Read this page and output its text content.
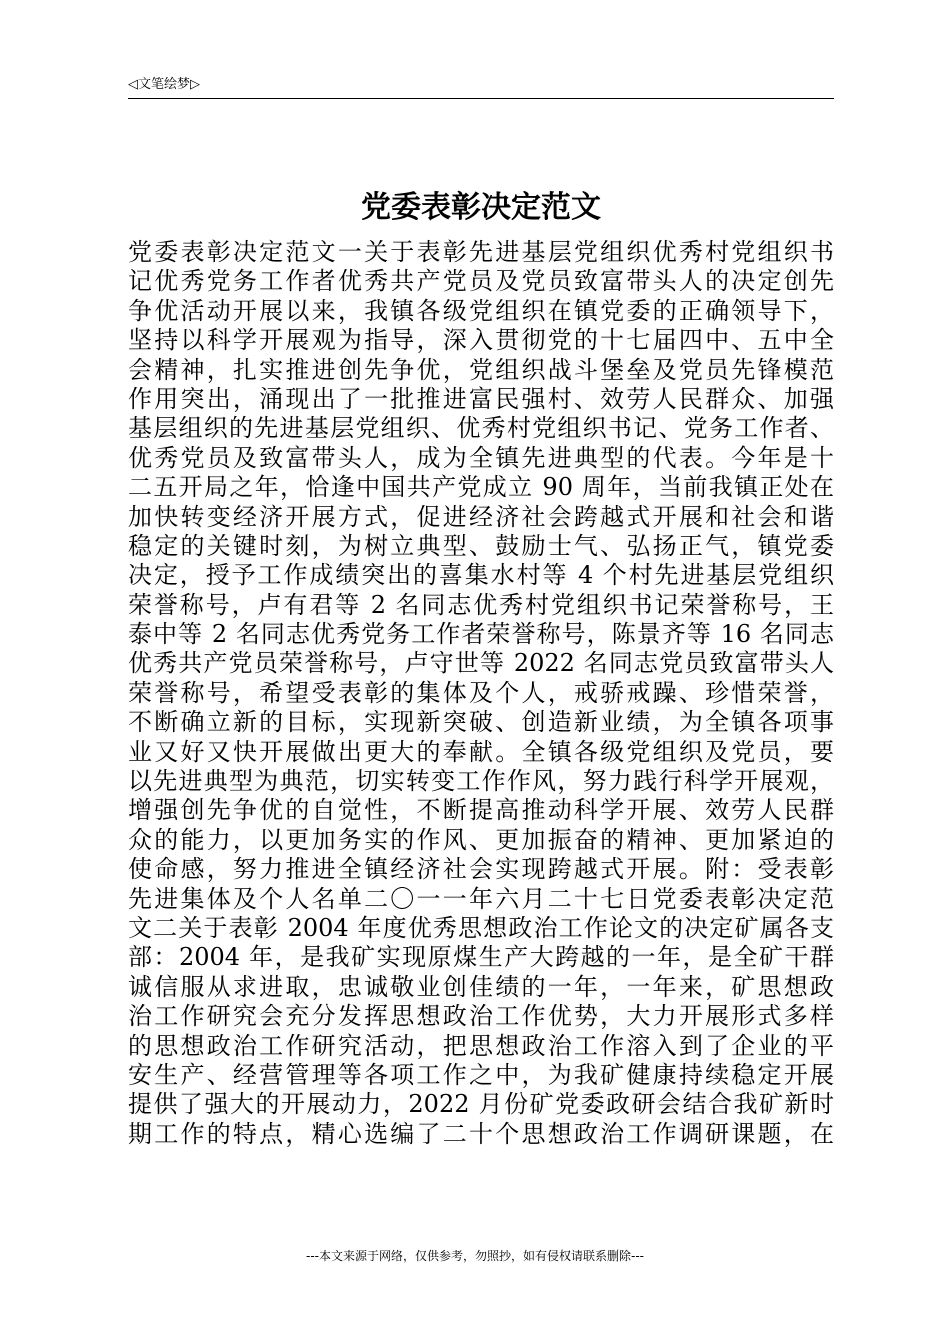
◁文笔绘梦▷
党委表彰决定范文
党委表彰决定范文一关于表彰先进基层党组织优秀村党组织书
记优秀党务工作者优秀共产党员及党员致富带头人的决定创先
争优活动开展以来，我镇各级党组织在镇党委的正确领导下，
坚持以科学开展观为指导，深入贯彻党的十七届四中、五中全
会精神，扎实推进创先争优，党组织战斗堡垒及党员先锋模范
作用突出，涌现出了一批推进富民强村、效劳人民群众、加强
基层组织的先进基层党组织、优秀村党组织书记、党务工作者、
优秀党员及致富带头人，成为全镇先进典型的代表。今年是十
二五开局之年，恰逢中国共产党成立 90 周年，当前我镇正处在
加快转变经济开展方式，促进经济社会跨越式开展和社会和谐
稳定的关键时刻，为树立典型、鼓励士气、弘扬正气，镇党委
决定，授予工作成绩突出的喜集水村等 4 个村先进基层党组织
荣誉称号，卢有君等 2 名同志优秀村党组织书记荣誉称号，王
泰中等 2 名同志优秀党务工作者荣誉称号，陈景齐等 16 名同志
优秀共产党员荣誉称号，卢守世等 2022 名同志党员致富带头人
荣誉称号，希望受表彰的集体及个人，戒骄戒躁、珍惜荣誉，
不断确立新的目标，实现新突破、创造新业绩，为全镇各项事
业又好又快开展做出更大的奉献。全镇各级党组织及党员，要
以先进典型为典范，切实转变工作作风，努力践行科学开展观，
增强创先争优的自觉性，不断提高推动科学开展、效劳人民群
众的能力，以更加务实的作风、更加振奋的精神、更加紧迫的
使命感，努力推进全镇经济社会实现跨越式开展。附：受表彰
先进集体及个人名单二〇一一年六月二十七日党委表彰决定范
文二关于表彰 2004 年度优秀思想政治工作论文的决定矿属各支
部：2004 年，是我矿实现原煤生产大跨越的一年，是全矿干群
诚信服从求进取，忠诚敬业创佳绩的一年，一年来，矿思想政
治工作研究会充分发挥思想政治工作优势，大力开展形式多样
的思想政治工作研究活动，把思想政治工作溶入到了企业的平
安生产、经营管理等各项工作之中，为我矿健康持续稳定开展
提供了强大的开展动力，2022 月份矿党委政研会结合我矿新时
期工作的特点，精心选编了二十个思想政治工作调研课题，在
---本文来源于网络，仅供参考，勿照抄，如有侵权请联系删除---
